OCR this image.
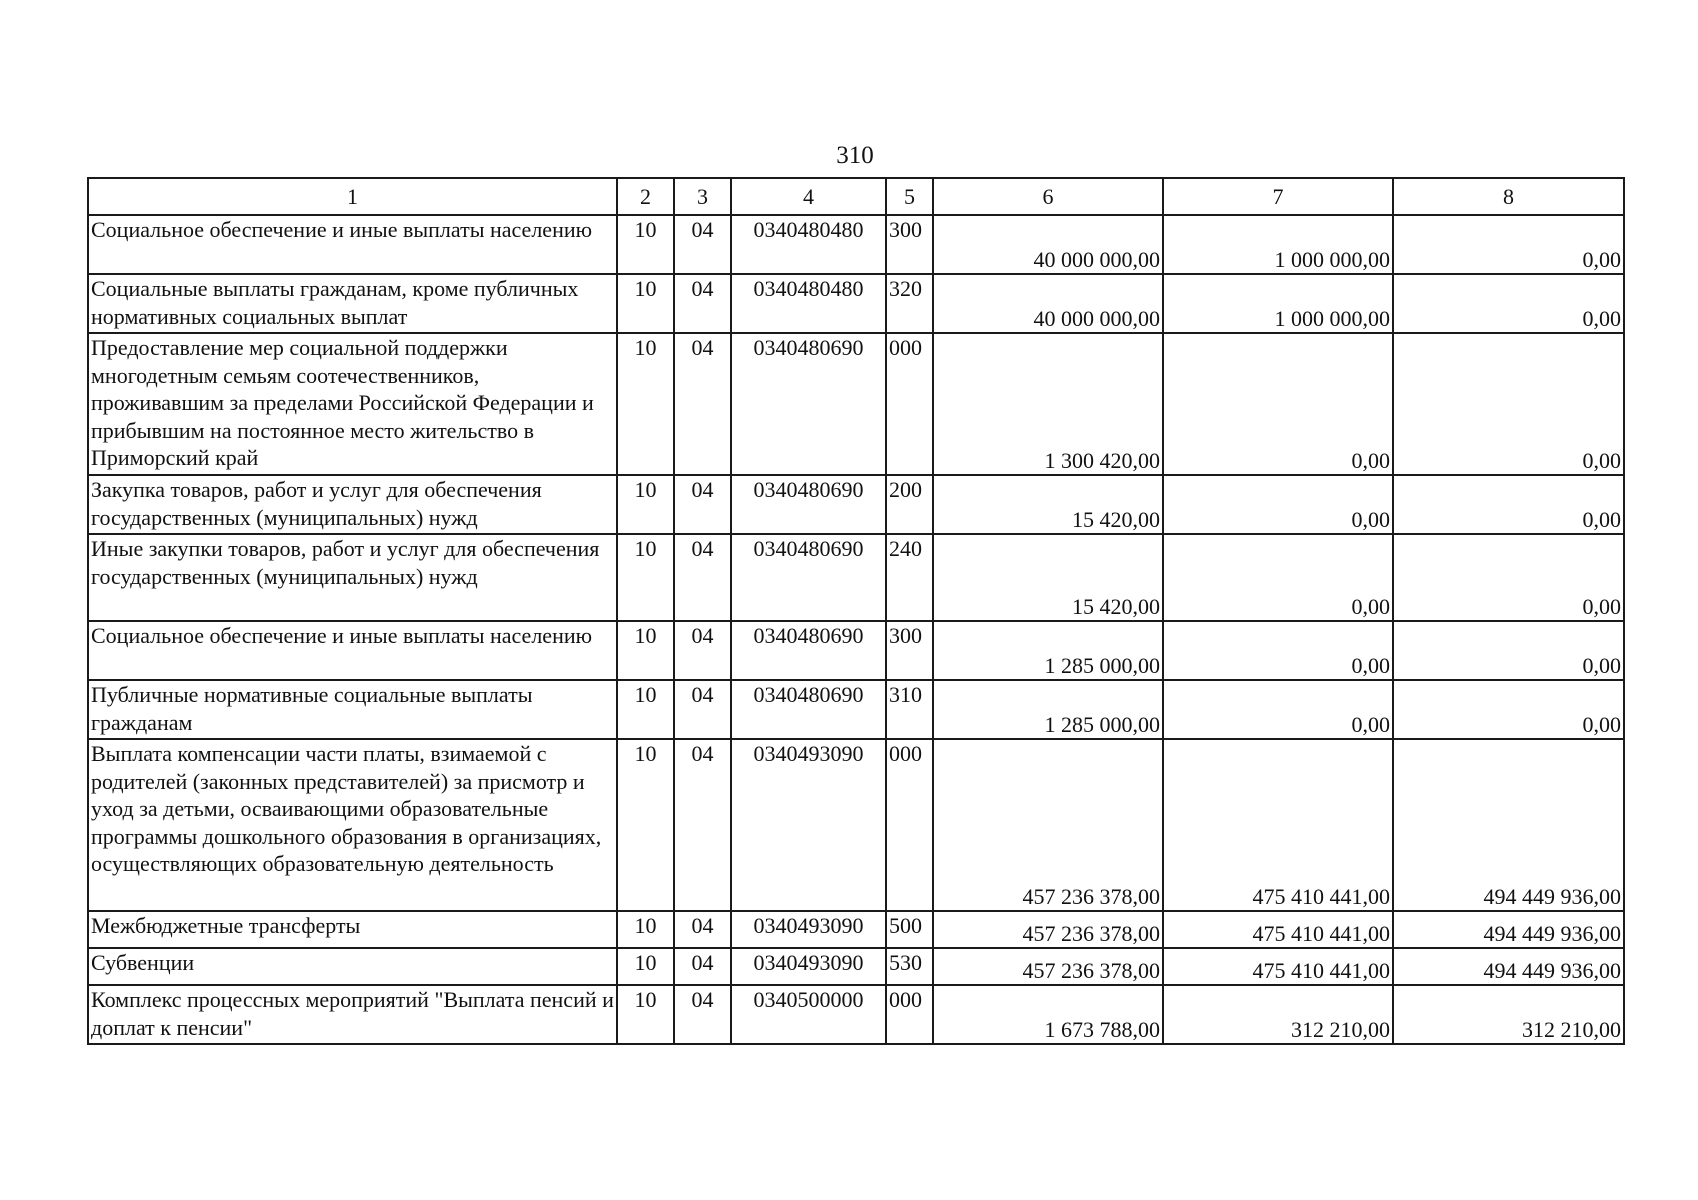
310
1	2	3	4	5	6	7	8
Социальное обеспечение и иные выплаты населению	10	04	0340480480	300	40 000 000,00	1 000 000,00	0,00
Социальные выплаты гражданам, кроме публичных нормативных социальных выплат	10	04	0340480480	320	40 000 000,00	1 000 000,00	0,00
Предоставление мер социальной поддержки многодетным семьям соотечественников, проживавшим за пределами Российской Федерации и прибывшим на постоянное место жительство в Приморский край	10	04	0340480690	000	1 300 420,00	0,00	0,00
Закупка товаров, работ и услуг для обеспечения государственных (муниципальных) нужд	10	04	0340480690	200	15 420,00	0,00	0,00
Иные закупки товаров, работ и услуг для обеспечения государственных (муниципальных) нужд	10	04	0340480690	240	15 420,00	0,00	0,00
Социальное обеспечение и иные выплаты населению	10	04	0340480690	300	1 285 000,00	0,00	0,00
Публичные нормативные социальные выплаты гражданам	10	04	0340480690	310	1 285 000,00	0,00	0,00
Выплата компенсации части платы, взимаемой с родителей (законных представителей) за присмотр и уход за детьми, осваивающими образовательные программы дошкольного образования в организациях, осуществляющих образовательную деятельность	10	04	0340493090	000	457 236 378,00	475 410 441,00	494 449 936,00
Межбюджетные трансферты	10	04	0340493090	500	457 236 378,00	475 410 441,00	494 449 936,00
Субвенции	10	04	0340493090	530	457 236 378,00	475 410 441,00	494 449 936,00
Комплекс процессных мероприятий "Выплата пенсий и доплат к пенсии"	10	04	0340500000	000	1 673 788,00	312 210,00	312 210,00
